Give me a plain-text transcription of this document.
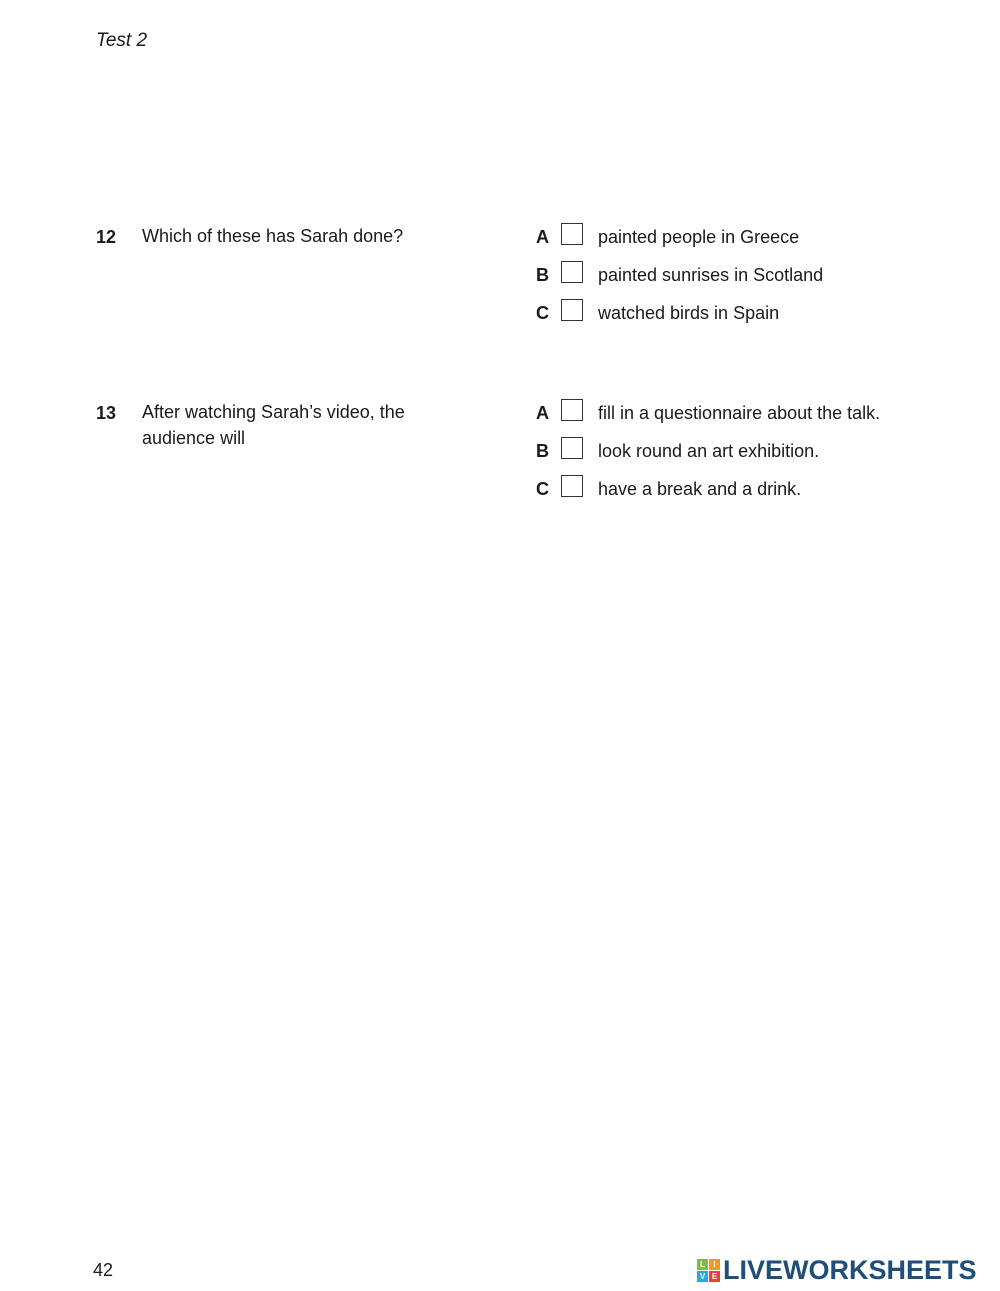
Test 2
12 Which of these has Sarah done?	A	painted people in Greece
B	painted sunrises in Scotland
C	watched birds in Spain
13 After watching Sarah’s video, the audience will
A	fill in a questionnaire about the talk.
B	look round an art exhibition.
C	have a break and a drink.
42	L	I
V E LIVEWORKSHEETS
